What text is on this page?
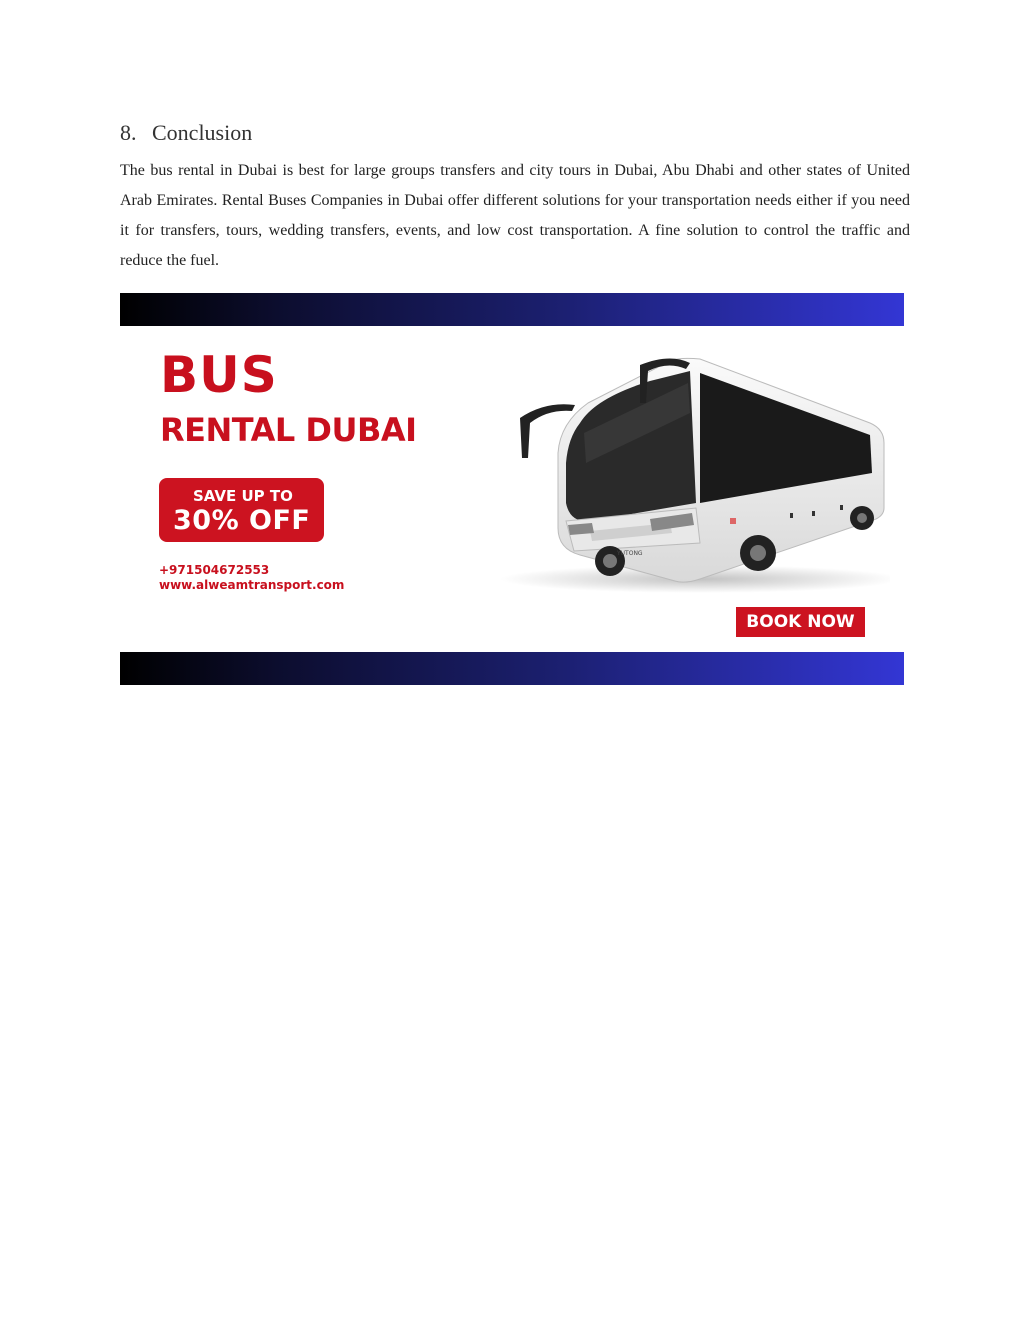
8. Conclusion
The bus rental in Dubai is best for large groups transfers and city tours in Dubai, Abu Dhabi and other states of United Arab Emirates. Rental Buses Companies in Dubai offer different solutions for your transportation needs either if you need it for transfers, tours, wedding transfers, events, and low cost transportation. A fine solution to control the traffic and reduce the fuel.
BUS
RENTAL DUBAI
SAVE UP TO
30% OFF
+971504672553
www.alweamtransport.com
YUTONG
BOOK NOW
